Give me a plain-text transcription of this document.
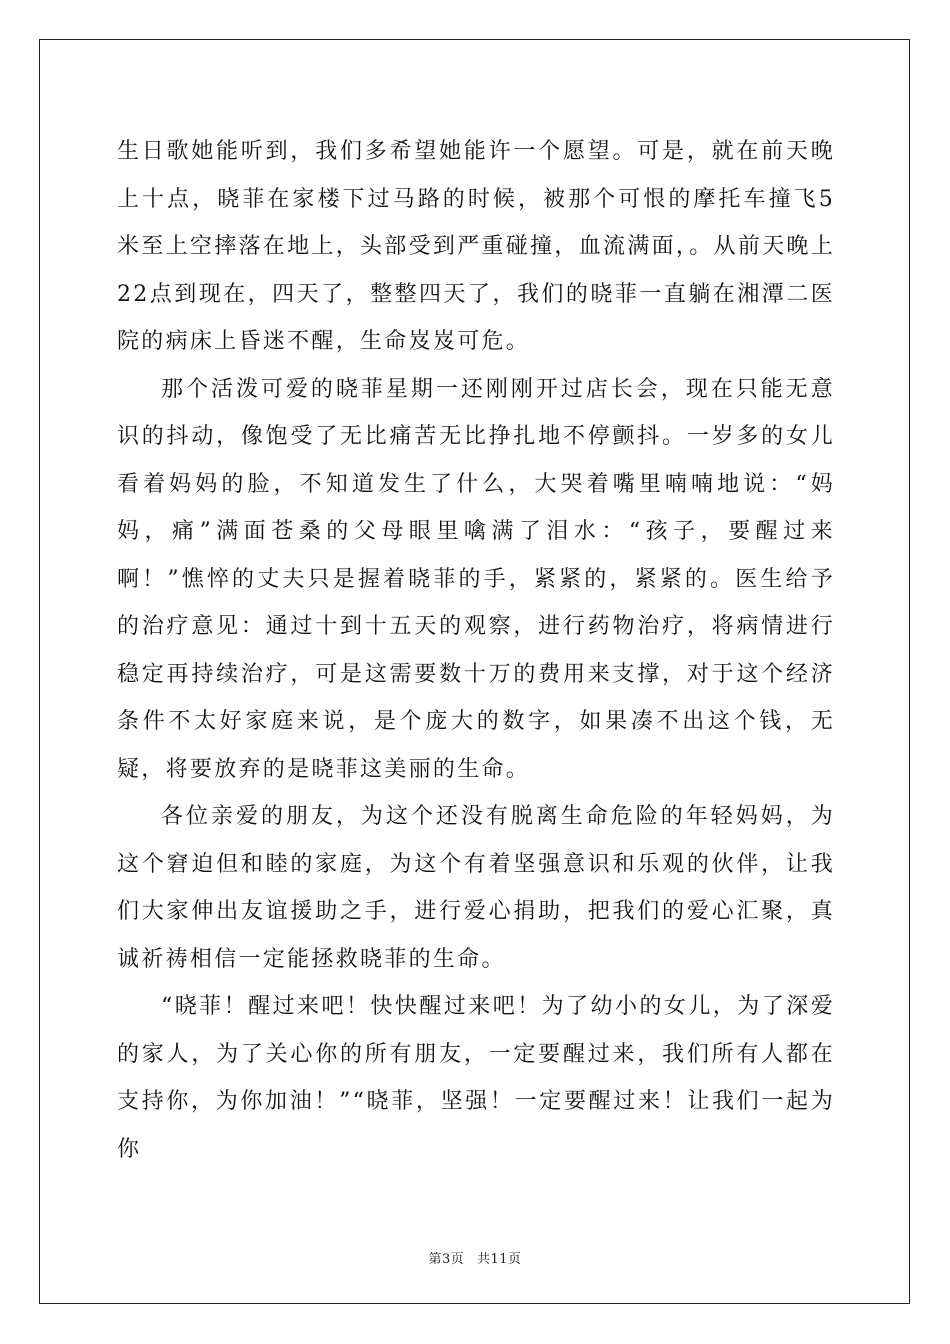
生日歌她能听到，我们多希望她能许一个愿望。可是，就在前天晚上十点，晓菲在家楼下过马路的时候，被那个可恨的摩托车撞飞5米至上空摔落在地上，头部受到严重碰撞，血流满面，。从前天晚上22点到现在，四天了，整整四天了，我们的晓菲一直躺在湘潭二医院的病床上昏迷不醒，生命岌岌可危。

那个活泼可爱的晓菲星期一还刚刚开过店长会，现在只能无意识的抖动，像饱受了无比痛苦无比挣扎地不停颤抖。一岁多的女儿看着妈妈的脸，不知道发生了什么，大哭着嘴里喃喃地说：“妈妈，痛”满面苍桑的父母眼里噙满了泪水：“孩子，要醒过来啊！”憔悴的丈夫只是握着晓菲的手，紧紧的，紧紧的。医生给予的治疗意见：通过十到十五天的观察，进行药物治疗，将病情进行稳定再持续治疗，可是这需要数十万的费用来支撑，对于这个经济条件不太好家庭来说，是个庞大的数字，如果凑不出这个钱，无疑，将要放弃的是晓菲这美丽的生命。

各位亲爱的朋友，为这个还没有脱离生命危险的年轻妈妈，为这个窘迫但和睦的家庭，为这个有着坚强意识和乐观的伙伴，让我们大家伸出友谊援助之手，进行爱心捐助，把我们的爱心汇聚，真诚祈祷相信一定能拯救晓菲的生命。

“晓菲！醒过来吧！快快醒过来吧！为了幼小的女儿，为了深爱的家人，为了关心你的所有朋友，一定要醒过来，我们所有人都在支持你，为你加油！”“晓菲，坚强！一定要醒过来！让我们一起为你

第3页 共11页
